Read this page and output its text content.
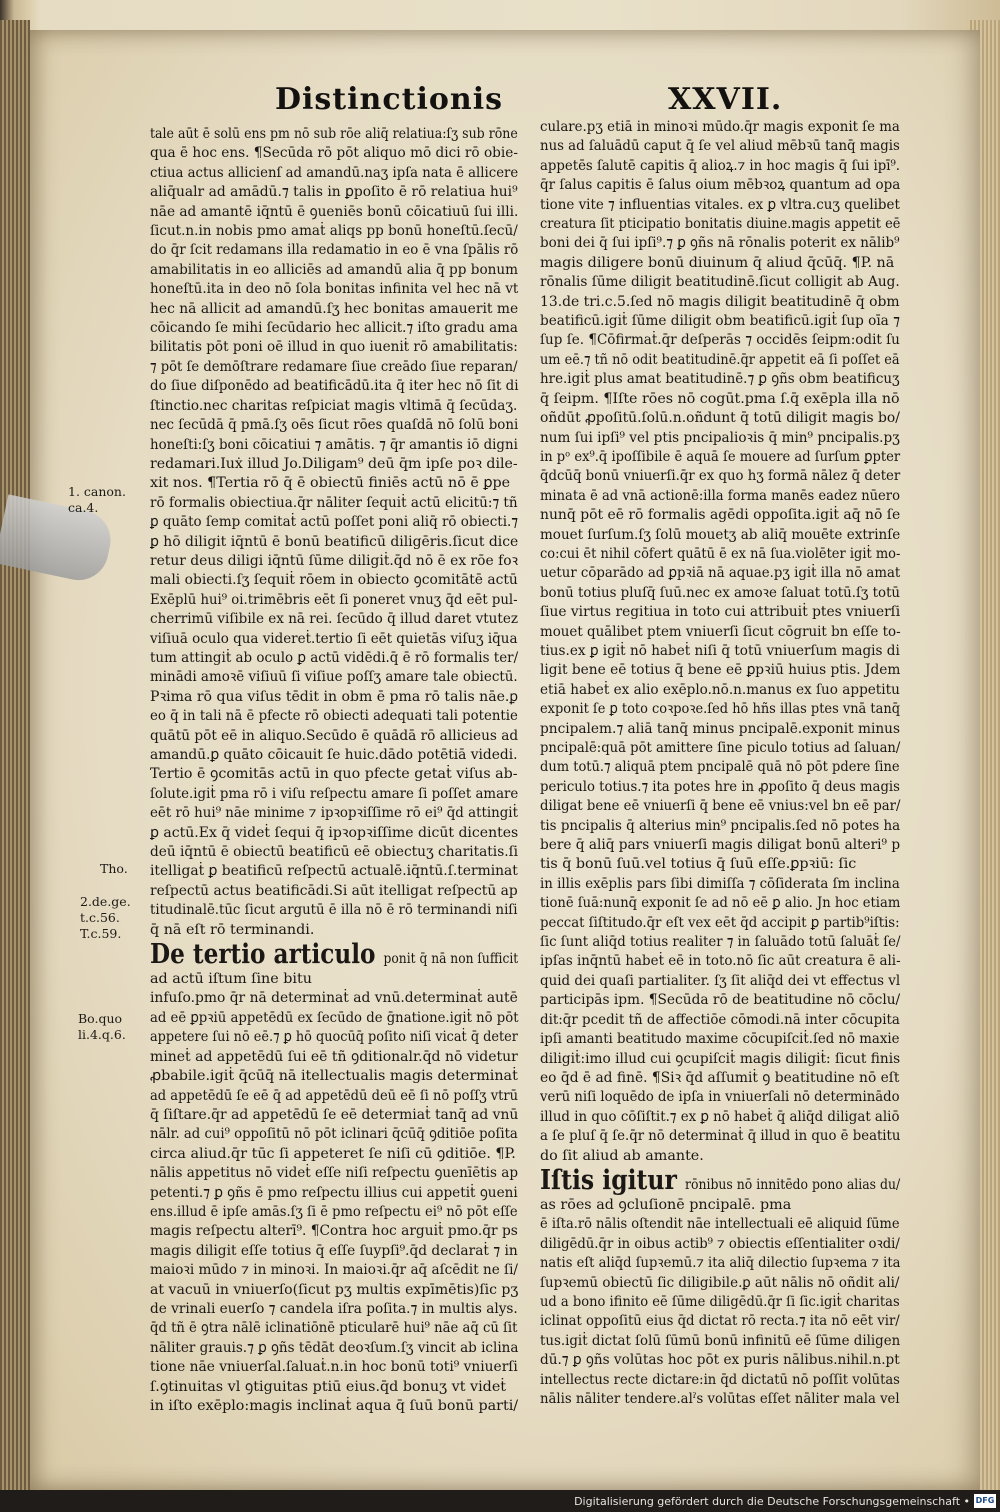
Distinctionis	XXVII.
tale aūt ē solū ens pm nō sub rōe aliq̄ relatiua:ſʒ sub rōne
qua ē hoc ens. ¶Secūda rō pōt aliquo mō dici rō obie-
ctiua actus allicienſ ad amandū.naʒ ipſa nata ē allicere
aliq̄ualr ad amādū.⁊ talis in ꝑpoſito ē rō relatiua hui⁹
nāe ad amantē iq̄ntū ē ꝯueniēs bonū cōicatiuū ſui illi.
ſicut.n.in nobis pmo amaṫ aliqs pp bonū honeſtū.ſecū/
do q̄r ſcit redamans illa redamatio in eo ē vna ſpālis rō
amabilitatis in eo alliciēs ad amandū alia q̄ pp bonum
honeſtū.ita in deo nō ſola bonitas infinita vel hec nā vt
hec nā allicit ad amandū.ſʒ hec bonitas amauerit me
cōicando ſe mihi ſecūdario hec allicit.⁊ iſto gradu ama
bilitatis pōt poni oē illud in quo iueniṫ rō amabilitatis:
⁊ pōt ſe demōſtrare redamare ſiue creādo ſiue reparan/
do ſiue diſponēdo ad beatificādū.ita q̄ iter hec nō ſit di
ſtinctio.nec charitas reſpiciat magis vltimā q̄ ſecūdaʒ.
nec ſecūdā q̄ pmā.ſʒ oēs ſicut rōes quaſdā nō ſolū boni
honeſti:ſʒ boni cōicatiui ⁊ amātis. ⁊ q̄r amantis iō digni
redamari.Iuẋ illud Jo.Diligam⁹ deū q̄m ipſe poꝛ dile-
xit nos. ¶Tertia rō q̄ ē obiectū finiēs actū nō ē ꝑpe
rō formalis obiectiua.q̄r nāliter ſequiṫ actū elicitū:⁊ tñ
ꝑ quāto ſemp comitaṫ actū poſſet poni aliq̄ rō obiecti.⁊
ꝑ hō diligit iq̄ntū ē bonū beatificū diligēris.ſicut dice
retur deus diligi iq̄ntū ſūme diligiṫ.q̄d nō ē ex rōe foꝛ
mali obiecti.ſʒ ſequiṫ rōem in obiecto ꝯcomitātē actū
Exēplū hui⁹ oi.trimēbris eēt ſi poneret vnuʒ q̄d eēt pul-
cherrimū viſibile ex nā rei. ſecūdo q̄ illud daret vtutez
viſiuā oculo qua videreṫ.tertio ſi eēt quietās viſuʒ iq̄ua
tum attingiṫ ab oculo ꝑ actū vidēdi.q̄ ē rō formalis ter/
minādi amoꝛē viſiuū ſi viſiue poſſʒ amare tale obiectū.
Pꝛima rō qua viſus tēdit in obm ē pma rō talis nāe.ꝑ
eo q̄ in tali nā ē pfecte rō obiecti adequati tali potentie
quātū pōt eē in aliquo.Secūdo ē quādā rō allicieus ad
amandū.ꝑ quāto cōicauit ſe huic.dādo potētiā videdi.
Tertio ē ꝯcomitās actū in quo pfecte getaṫ viſus ab-
ſolute.igiṫ pma rō i viſu reſpectu amare ſi poſſet amare
eēt rō hui⁹ nāe minime ⁊ ipꝛopꝛiſſime rō ei⁹ q̄d attingiṫ
ꝑ actū.Ex q̄ videṫ ſequi q̄ ipꝛopꝛiſſime dicūt dicentes
deū iq̄ntū ē obiectū beatificū eē obiectuʒ charitatis.ſi
itelligaṫ ꝑ beatificū reſpectū actualē.iq̄ntū.ſ.terminat
reſpectū actus beatificādi.Si aūt itelligat reſpectū ap
titudinalē.tūc ſicut argutū ē illa nō ē rō terminandi niſi
q̄ nā eſt rō terminandi.
De tertio articulo ponit q̄ nā non ſufficit
ad actū iſtum ſine bitu
infuſo.pmo q̄r nā determinaṫ ad vnū.determinaṫ autē
ad eē ꝑpꝛiū appetēdū ex ſecūdo de ḡnatione.igiṫ nō pōt
appetere ſui nō eē.⁊ ꝑ hō quocūq̄ poſito niſi vicaṫ q̄ deter
mineṫ ad appetēdū ſui eē tñ ꝯditionalr.q̄d nō videtur
ꝓbabile.igiṫ q̄cūq̄ nā itellectualis magis determinaṫ
ad appetēdū ſe eē q̄ ad appetēdū deū eē ſi nō poſſʒ vtrū
q̄ ſiſtare.q̄r ad appetēdū ſe eē determiaṫ tanq̄ ad vnū
nālr. ad cui⁹ oppoſitū nō pōt iclinari q̄cūq̄ ꝯditiōe poſita
circa aliud.q̄r tūc ſi appeteret ſe niſi cū ꝯditiōe. ¶P.
nālis appetitus nō videṫ eſſe niſi reſpectu ꝯuenīētis ap
petenti.⁊ ꝑ ꝯñs ē pmo reſpectu illius cui appetiṫ ꝯueni
ens.illud ē ipſe amās.ſʒ ſi ē pmo reſpectu ei⁹ nō pōt eſſe
magis reſpectu alterī⁹. ¶Contra hoc arguiṫ pmo.q̄r ps
magis diligit eſſe totius q̄ eſſe ſuypſi⁹.q̄d declaraṫ ⁊ in
maioꝛi mūdo ⁊ in minoꝛi. In maioꝛi.q̄r aq̄ aſcēdit ne ſi/
at vacuū in vniuerſo(ſicut pʒ multis expīmētis)ſic pʒ
de vrinali euerſo ⁊ candela iſra poſita.⁊ in multis alys.
q̄d tñ ē ꝯtra nālē iclinatiōnē pticularē hui⁹ nāe aq̄ cū ſit
nāliter grauis.⁊ ꝑ ꝯñs tēdāt deoꝛſum.ſʒ vincit ab iclina
tione nāe vniuerſal.ſaluaṫ.n.in hoc bonū toti⁹ vniuerſi
ſ.ꝯtinuitas vl ꝯtiguitas ptiū eius.q̄d bonuʒ vt videṫ
in iſto exēplo:magis inclinaṫ aqua q̄ ſuū bonū parti/
culare.pʒ etiā in minoꝛi mūdo.q̄r magis exponit ſe ma
nus ad ſaluādū caput q̄ ſe vel aliud mēbꝛū tanq̄ magis
appetēs ſalutē capitis q̄ alioꝝ.⁊ in hoc magis q̄ ſui ipī⁹.
q̄r ſalus capitis ē ſalus oium mēbꝛoꝝ quantum ad opa
tione vite ⁊ influentias vitales. ex ꝑ vltra.cuʒ quelibet
creatura ſit pticipatio bonitatis diuine.magis appetit eē
boni dei q̄ ſui ipſi⁹.⁊ ꝑ ꝯñs nā rōnalis poterit ex nālib⁹
magis diligere bonū diuinum q̄ aliud q̄cūq̄. ¶P. nā
rōnalis ſūme diligit beatitudinē.ſicut colligit ab Aug.
13.de tri.c.5.ſed nō magis diligit beatitudinē q̄ obm
beatificū.igiṫ ſūme diligit obm beatificū.igiṫ ſup oīa ⁊
ſup ſe. ¶Cōfirmaṫ.q̄r deſperās ⁊ occidēs ſeipm:odit ſu
um eē.⁊ tñ nō odit beatitudinē.q̄r appetit eā ſi poſſet eā
hre.igiṫ plus amat beatitudinē.⁊ ꝑ ꝯñs obm beatificuʒ
q̄ ſeipm. ¶Iſte rōes nō cogūt.pma ſ.q̄ exēpla illa nō
oñdūt ꝓpoſitū.ſolū.n.oñdunt q̄ totū diligit magis bo/
num ſui ipſi⁹ vel ptis pncipalioꝛis q̄ min⁹ pncipalis.pʒ
in pᵒ ex⁹.q̄ ipoſſibile ē aquā ſe mouere ad ſurſum ꝑpter
q̄dcūq̄ bonū vniuerſi.q̄r ex quo hʒ formā nālez q̄ deter
minata ē ad vnā actionē:illa forma manēs eadez nūero
nunq̄ pōt eē rō formalis agēdi oppoſita.igiṫ aq̄ nō ſe
mouet ſurſum.ſʒ ſolū mouetʒ ab aliq̄ mouēte extrinſe
co:cui ēt nihil cōfert quātū ē ex nā ſua.violēter igiṫ mo-
uetur cōparādo ad ꝑpꝛiā nā aquae.pʒ igiṫ illa nō amat
bonū totius pluſq̄ ſuū.nec ex amoꝛe ſaluat totū.ſʒ totū
ſiue virtus regitiua in toto cui attribuiṫ ptes vniuerſi
mouet quālibet ptem vniuerſi ſicut cōgruit bn eſſe to-
tius.ex ꝑ igiṫ nō habeṫ niſi q̄ totū vniuerſum magis di
ligit bene eē totius q̄ bene eē ꝑpꝛiū huius ptis. Jdem
etiā habeṫ ex alio exēplo.nō.n.manus ex ſuo appetitu
exponit ſe ꝑ toto coꝛpoꝛe.ſed hō hñs illas ptes vnā tanq̄
pncipalem.⁊ aliā tanq̄ minus pncipalē.exponit minus
pncipalē:quā pōt amittere ſine piculo totius ad ſaluan/
dum totū.⁊ aliquā ptem pncipalē quā nō pōt pdere ſine
periculo totius.⁊ ita potes hre in ꝓpoſito q̄ deus magis
diligat bene eē vniuerſi q̄ bene eē vnius:vel bn eē par/
tis pncipalis q̄ alterius min⁹ pncipalis.ſed nō potes ha
bere q̄ aliq̄ pars vniuerſi magis diligat bonū alteri⁹ p
tis q̄ bonū ſuū.vel totius q̄ ſuū eſſe.ꝑpꝛiū: ſic
in illis exēplis pars ſibi dimiſſa ⁊ cōſiderata ſm inclina
tionē ſuā:nunq̄ exponit ſe ad nō eē ꝑ alio. Jn hoc etiam
peccat ſiſtitudo.q̄r eſt vex eēt q̄d accipit ꝑ partib⁹iſtis:
ſic ſunt aliq̄d totius realiter ⁊ in ſaluādo totū ſaluāṫ ſe/
ipſas inq̄ntū habeṫ eē in toto.nō ſic aūt creatura ē ali-
quid dei quaſi partialiter. ſʒ ſit aliq̄d dei vt effectus vl
participās ipm. ¶Secūda rō de beatitudine nō cōclu/
dit:q̄r pcedit tñ de affectiōe cōmodi.nā inter cōcupita
ipſi amanti beatitudo maxime cōcupiſciṫ.ſed nō maxie
diligiṫ:imo illud cui ꝯcupiſciṫ magis diligiṫ: ſicut finis
eo q̄d ē ad finē. ¶Siꝛ q̄d aſſumiṫ ꝯ beatitudine nō eſt
verū niſi loquēdo de ipſa in vniuerſali nō determinādo
illud in quo cōſiſtit.⁊ ex ꝑ nō habeṫ q̄ aliq̄d diligat aliō
a ſe pluſ q̄ ſe.q̄r nō determinaṫ q̄ illud in quo ē beatitu
do ſit aliud ab amante.
Iſtis igitur rōnibus nō innitēdo pono alias du/
as rōes ad ꝯcluſionē pncipalē. pma
ē iſta.rō nālis oſtendit nāe intellectuali eē aliquid ſūme
diligēdū.q̄r in oibus actib⁹ ⁊ obiectis eſſentialiter oꝛdi/
natis eſt aliq̄d ſupꝛemū.⁊ ita aliq̄ dilectio ſupꝛema ⁊ ita
ſupꝛemū obiectū ſic diligibile.ꝑ aūt nālis nō oñdit ali/
ud a bono ifinito eē ſūme diligēdū.q̄r ſi ſic.igiṫ charitas
iclinat oppoſitū eius q̄d dictat rō recta.⁊ ita nō eēt vir/
tus.igiṫ dictat ſolū ſūmū bonū infinitū eē ſūme diligen
dū.⁊ ꝑ ꝯñs volūtas hoc pōt ex puris nālibus.nihil.n.pt
intellectus recte dictare:in q̄d dictatū nō poſſit volūtas
nālis nāliter tendere.alˀs volūtas eſſet nāliter mala vel
1. canon.
ca.4.
Tho.
2.de.ge.
t.c.56.
T.c.59.
Bo.quo
li.4.q.6.
Digitalisierung gefördert durch die Deutsche Forschungsgemeinschaft • DFG
